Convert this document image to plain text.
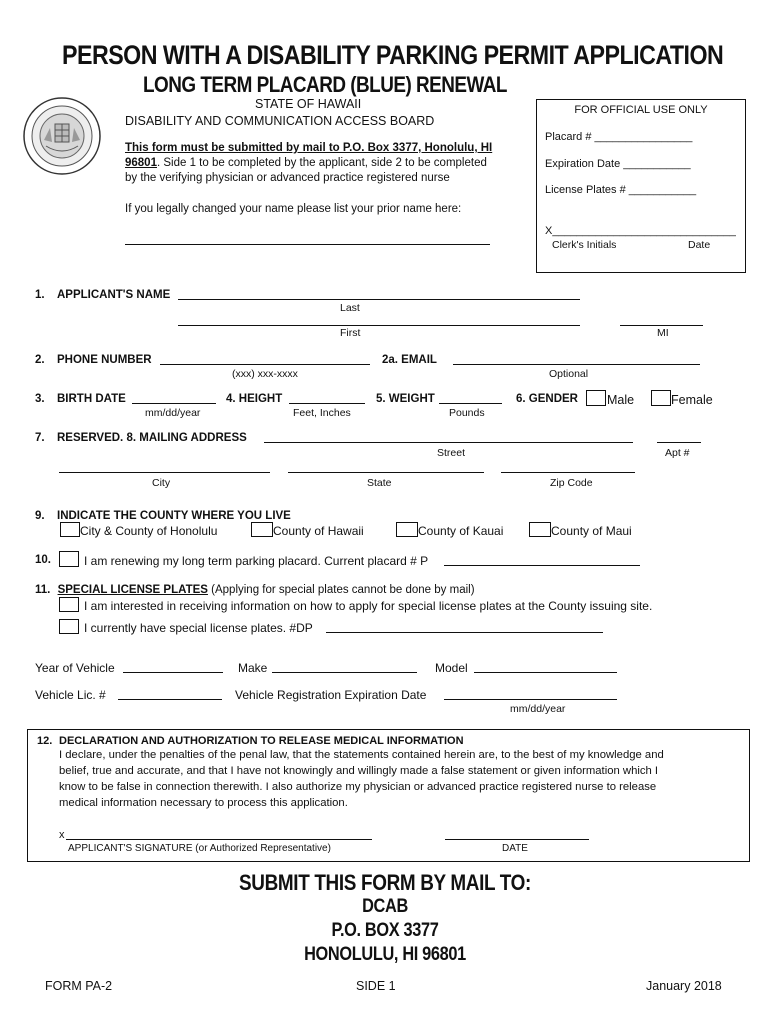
PERSON WITH A DISABILITY PARKING PERMIT APPLICATION
LONG TERM PLACARD (BLUE) RENEWAL
STATE OF HAWAII
DISABILITY AND COMMUNICATION ACCESS BOARD
This form must be submitted by mail to P.O. Box 3377, Honolulu, HI
96801. Side 1 to be completed by the applicant, side 2 to be completed
by the verifying physician or advanced practice registered nurse
If you legally changed your name please list your prior name here:
FOR OFFICIAL USE ONLY
Placard # ________________
Expiration Date ___________
License Plates # ___________
X______________________________
Clerk's Initials	Date
1. APPLICANT'S NAME
Last
First	MI
2. PHONE NUMBER
(xxx) xxx-xxxx
2a. EMAIL
Optional
3. BIRTH DATE
mm/dd/year
4. HEIGHT
Feet, Inches
5. WEIGHT
Pounds
6. GENDER Male	Female
7. RESERVED. 8. MAILING ADDRESS
Street	Apt #
City	State	Zip Code
9. INDICATE THE COUNTY WHERE YOU LIVE
City & County of Honolulu	County of Hawaii	County of Kauai	County of Maui
10.	I am renewing my long term parking placard. Current placard # P
11. SPECIAL LICENSE PLATES (Applying for special plates cannot be done by mail)
I am interested in receiving information on how to apply for special license plates at the County issuing site.
I currently have special license plates. #DP
Year of Vehicle	Make	Model
Vehicle Lic. #	Vehicle Registration Expiration Date
mm/dd/year
12. DECLARATION AND AUTHORIZATION TO RELEASE MEDICAL INFORMATION
I declare, under the penalties of the penal law, that the statements contained herein are, to the best of my knowledge and
belief, true and accurate, and that I have not knowingly and willingly made a false statement or given information which I
know to be false in connection therewith. I also authorize my physician or advanced practice registered nurse to release
medical information necessary to process this application.
x
APPLICANT'S SIGNATURE (or Authorized Representative)	DATE
SUBMIT THIS FORM BY MAIL TO:
DCAB
P.O. BOX 3377
HONOLULU, HI 96801
FORM PA-2	SIDE 1	January 2018
